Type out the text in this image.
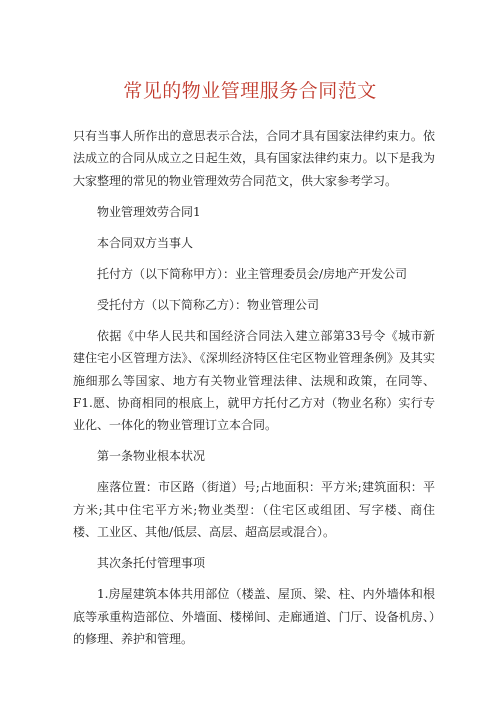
常见的物业管理服务合同范文

只有当事人所作出的意思表示合法，合同才具有国家法律约束力。依法成立的合同从成立之日起生效，具有国家法律约束力。以下是我为大家整理的常见的物业管理效劳合同范文，供大家参考学习。

物业管理效劳合同1

本合同双方当事人

托付方（以下简称甲方）：业主管理委员会/房地产开发公司

受托付方（以下简称乙方）：物业管理公司

依据《中华人民共和国经济合同法入建立部第33号令《城市新建住宅小区管理方法》、《深圳经济特区住宅区物业管理条例》及其实施细那么等国家、地方有关物业管理法律、法规和政策，在同等、F1.愿、协商相同的根底上，就甲方托付乙方对（物业名称）实行专业化、一体化的物业管理订立本合同。

第一条物业根本状况

座落位置：市区路（街道）号;占地面积：平方米;建筑面积：平方米;其中住宅平方米;物业类型：（住宅区或组团、写字楼、商住楼、工业区、其他/低层、高层、超高层或混合）。

其次条托付管理事项

1.房屋建筑本体共用部位（楼盖、屋顶、梁、柱、内外墙体和根底等承重构造部位、外墙面、楼梯间、走廊通道、门厅、设备机房、）的修理、养护和管理。
